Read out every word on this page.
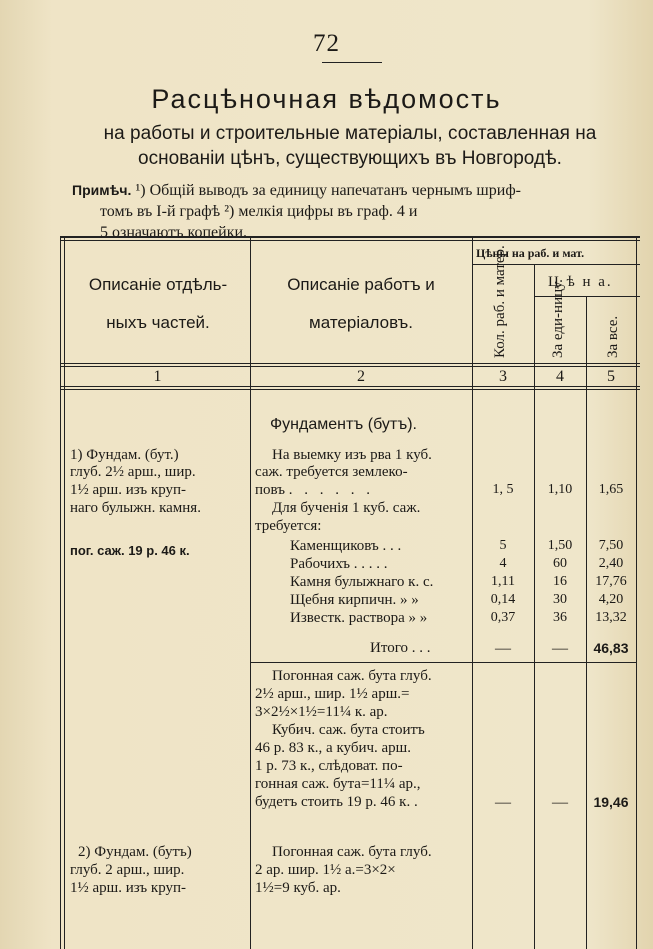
72
Расцѣночная вѣдомость
на работы и строительные матеріалы, составленная на
основаніи цѣнъ, существующихъ въ Новгородѣ.
Примѣч. ¹) Общій выводъ за единицу напечатанъ чернымъ шриф-
томъ въ I-й графѣ ²) мелкія цифры въ граф. 4 и
5 означаютъ копейки.
Описаніе отдѣль-
ныхъ частей.
Описаніе работъ и
матеріаловъ.
Цѣны на раб. и мат.
Ц ѣ н а.
Кол. раб. и матер.	За еди-ницу.	За все.
1	2	3	4	5
Фундаментъ (бутъ).
1) Фундам. (бут.)
глуб. 2½ арш., шир.
1½ арш. изъ круп-
наго булыжн. камня.
пог. саж. 19 р. 46 к.
На выемку изъ рва 1 куб.
саж. требуется землеко-
повъ . . . . . .	1, 5	1,10	1,65
Для бученія 1 куб. саж.
требуется:
Каменщиковъ . . .	5	1,50	7,50
Рабочихъ . . . . .	4	60	2,40
Камня булыжнаго к. с.	1,11	16	17,76
Щебня кирпичн. » »	0,14	30	4,20
Известк. раствора » »	0,37	36	13,32
Итого . . .	—	—	46,83
Погонная саж. бута глуб.
2½ арш., шир. 1½ арш.=
3×2½×1½=11¼ к. ар.
Кубич. саж. бута стоитъ
46 р. 83 к., а кубич. арш.
1 р. 73 к., слѣдоват. по-
гонная саж. бута=11¼ ар.,
будетъ стоить 19 р. 46 к. .	—	—	19,46
2) Фундам. (бутъ)
глуб. 2 арш., шир.
1½ арш. изъ круп-
Погонная саж. бута глуб.
2 ар. шир. 1½ а.=3×2×
1½=9 куб. ар.
